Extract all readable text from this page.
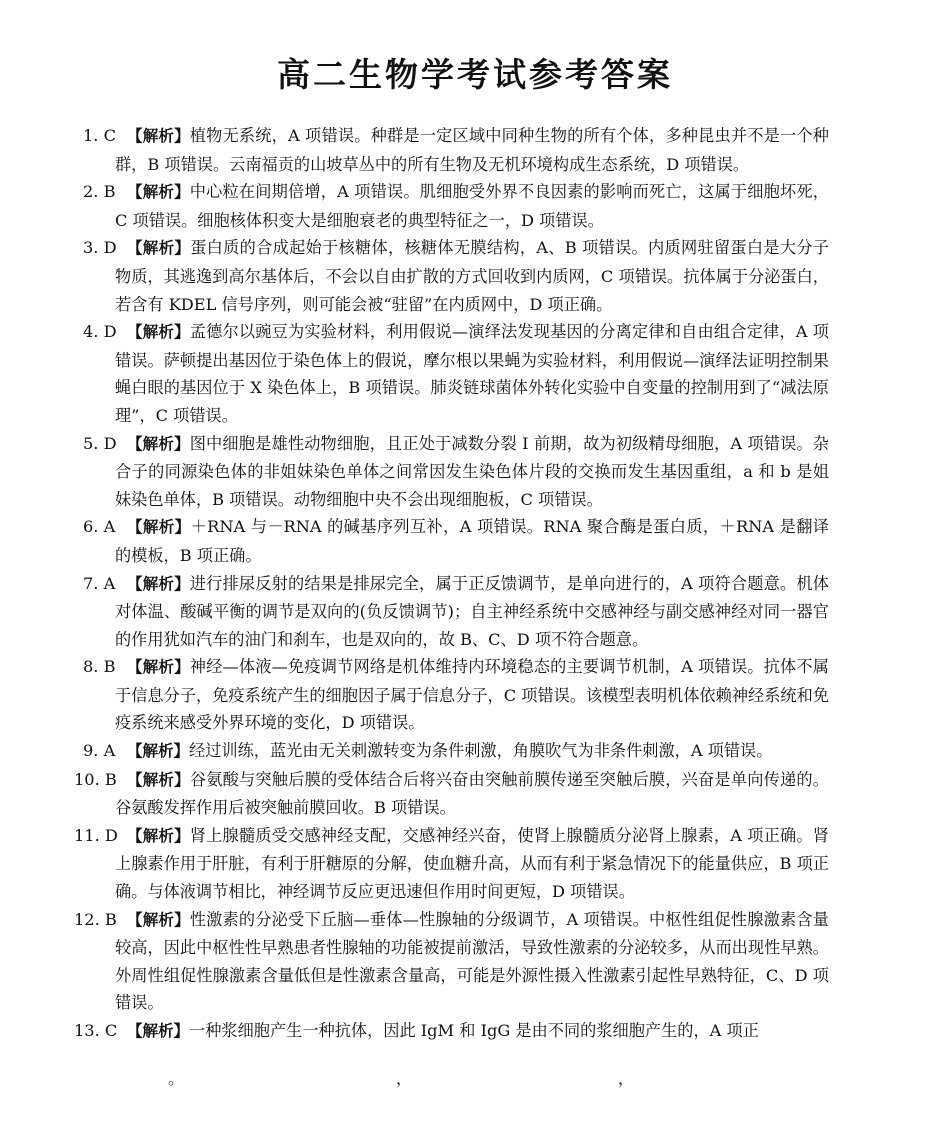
高二生物学考试参考答案

1. C 【解析】植物无系统，A 项错误。种群是一定区域中同种生物的所有个体，多种昆虫并不是一个种群，B 项错误。云南福贡的山坡草丛中的所有生物及无机环境构成生态系统，D 项错误。

2. B 【解析】中心粒在间期倍增，A 项错误。肌细胞受外界不良因素的影响而死亡，这属于细胞坏死，C 项错误。细胞核体积变大是细胞衰老的典型特征之一，D 项错误。

3. D 【解析】蛋白质的合成起始于核糖体，核糖体无膜结构，A、B 项错误。内质网驻留蛋白是大分子物质，其逃逸到高尔基体后，不会以自由扩散的方式回收到内质网，C 项错误。抗体属于分泌蛋白，若含有 KDEL 信号序列，则可能会被“驻留”在内质网中，D 项正确。

4. D 【解析】孟德尔以豌豆为实验材料，利用假说—演绎法发现基因的分离定律和自由组合定律，A 项错误。萨顿提出基因位于染色体上的假说，摩尔根以果蝇为实验材料，利用假说—演绎法证明控制果蝇白眼的基因位于 X 染色体上，B 项错误。肺炎链球菌体外转化实验中自变量的控制用到了“减法原理”，C 项错误。

5. D 【解析】图中细胞是雄性动物细胞，且正处于减数分裂 Ⅰ 前期，故为初级精母细胞，A 项错误。杂合子的同源染色体的非姐妹染色单体之间常因发生染色体片段的交换而发生基因重组，a 和 b 是姐妹染色单体，B 项错误。动物细胞中央不会出现细胞板，C 项错误。

6. A 【解析】＋RNA 与－RNA 的碱基序列互补，A 项错误。RNA 聚合酶是蛋白质，＋RNA 是翻译的模板，B 项正确。

7. A 【解析】进行排尿反射的结果是排尿完全，属于正反馈调节，是单向进行的，A 项符合题意。机体对体温、酸碱平衡的调节是双向的(负反馈调节)；自主神经系统中交感神经与副交感神经对同一器官的作用犹如汽车的油门和刹车，也是双向的，故 B、C、D 项不符合题意。

8. B 【解析】神经—体液—免疫调节网络是机体维持内环境稳态的主要调节机制，A 项错误。抗体不属于信息分子，免疫系统产生的细胞因子属于信息分子，C 项错误。该模型表明机体依赖神经系统和免疫系统来感受外界环境的变化，D 项错误。

9. A 【解析】经过训练，蓝光由无关刺激转变为条件刺激，角膜吹气为非条件刺激，A 项错误。

10. B 【解析】谷氨酸与突触后膜的受体结合后将兴奋由突触前膜传递至突触后膜，兴奋是单向传递的。谷氨酸发挥作用后被突触前膜回收。B 项错误。

11. D 【解析】肾上腺髓质受交感神经支配，交感神经兴奋，使肾上腺髓质分泌肾上腺素，A 项正确。肾上腺素作用于肝脏，有利于肝糖原的分解，使血糖升高，从而有利于紧急情况下的能量供应，B 项正确。与体液调节相比，神经调节反应更迅速但作用时间更短，D 项错误。

12. B 【解析】性激素的分泌受下丘脑—垂体—性腺轴的分级调节，A 项错误。中枢性组促性腺激素含量较高，因此中枢性性早熟患者性腺轴的功能被提前激活，导致性激素的分泌较多，从而出现性早熟。外周性组促性腺激素含量低但是性激素含量高，可能是外源性摄入性激素引起性早熟特征，C、D 项错误。

13. C 【解析】一种浆细胞产生一种抗体，因此 IgM 和 IgG 是由不同的浆细胞产生的，A 项正

。	，	，
